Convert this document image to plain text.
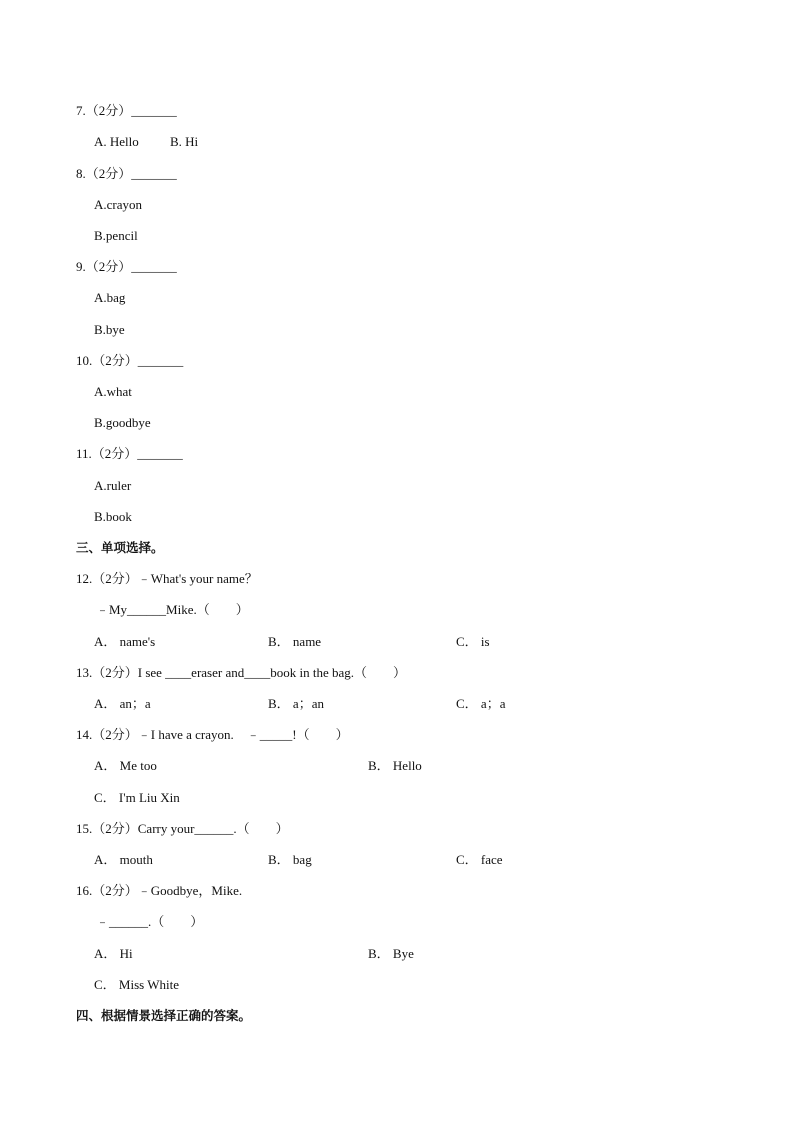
7.（2分）_______
A. Hello B. Hi
8.（2分）_______
A.crayon
B.pencil
9.（2分）_______
A.bag
B.bye
10.（2分）_______
A.what
B.goodbye
11.（2分）_______
A.ruler
B.book
三、单项选择。
12.（2分）﹣What's your name？
﹣My______Mike.（　　）
A． name's	B． name	C． is
13.（2分）I see ____eraser and____book in the bag.（　　）
A． an；a	B． a；an	C． a；a
14.（2分）﹣I have a crayon.　﹣_____!（　　）
A． Me too	B． Hello
C． I'm Liu Xin
15.（2分）Carry your______.（　　）
A． mouth	B． bag	C． face
16.（2分）﹣Goodbye，Mike.
﹣______.（　　）
A． Hi	B． Bye
C． Miss White
四、根据情景选择正确的答案。
